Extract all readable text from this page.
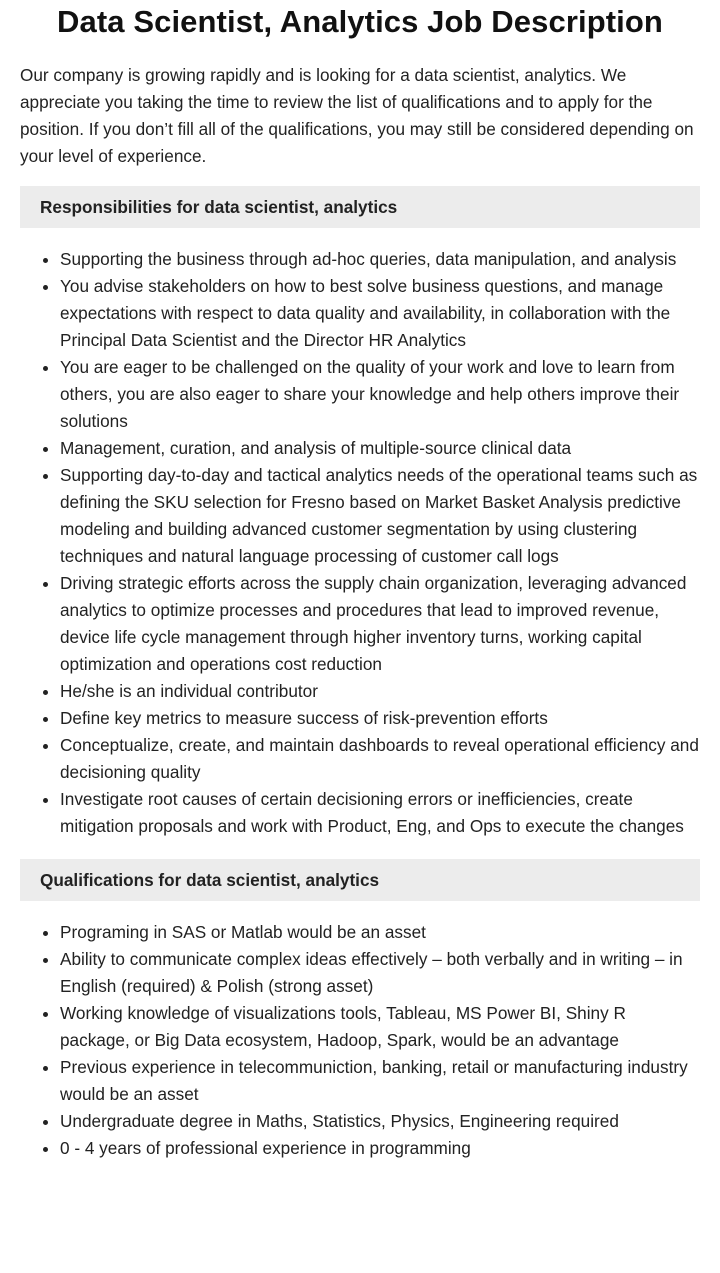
Data Scientist, Analytics Job Description

Our company is growing rapidly and is looking for a data scientist, analytics. We appreciate you taking the time to review the list of qualifications and to apply for the position. If you don’t fill all of the qualifications, you may still be considered depending on your level of experience.

Responsibilities for data scientist, analytics
• Supporting the business through ad-hoc queries, data manipulation, and analysis
• You advise stakeholders on how to best solve business questions, and manage expectations with respect to data quality and availability, in collaboration with the Principal Data Scientist and the Director HR Analytics
• You are eager to be challenged on the quality of your work and love to learn from others, you are also eager to share your knowledge and help others improve their solutions
• Management, curation, and analysis of multiple-source clinical data
• Supporting day-to-day and tactical analytics needs of the operational teams such as defining the SKU selection for Fresno based on Market Basket Analysis predictive modeling and building advanced customer segmentation by using clustering techniques and natural language processing of customer call logs
• Driving strategic efforts across the supply chain organization, leveraging advanced analytics to optimize processes and procedures that lead to improved revenue, device life cycle management through higher inventory turns, working capital optimization and operations cost reduction
• He/she is an individual contributor
• Define key metrics to measure success of risk-prevention efforts
• Conceptualize, create, and maintain dashboards to reveal operational efficiency and decisioning quality
• Investigate root causes of certain decisioning errors or inefficiencies, create mitigation proposals and work with Product, Eng, and Ops to execute the changes
Qualifications for data scientist, analytics
• Programing in SAS or Matlab would be an asset
• Ability to communicate complex ideas effectively – both verbally and in writing – in English (required) & Polish (strong asset)
• Working knowledge of visualizations tools, Tableau, MS Power BI, Shiny R package, or Big Data ecosystem, Hadoop, Spark, would be an advantage
• Previous experience in telecommuniction, banking, retail or manufacturing industry would be an asset
• Undergraduate degree in Maths, Statistics, Physics, Engineering required
• 0 - 4 years of professional experience in programming
